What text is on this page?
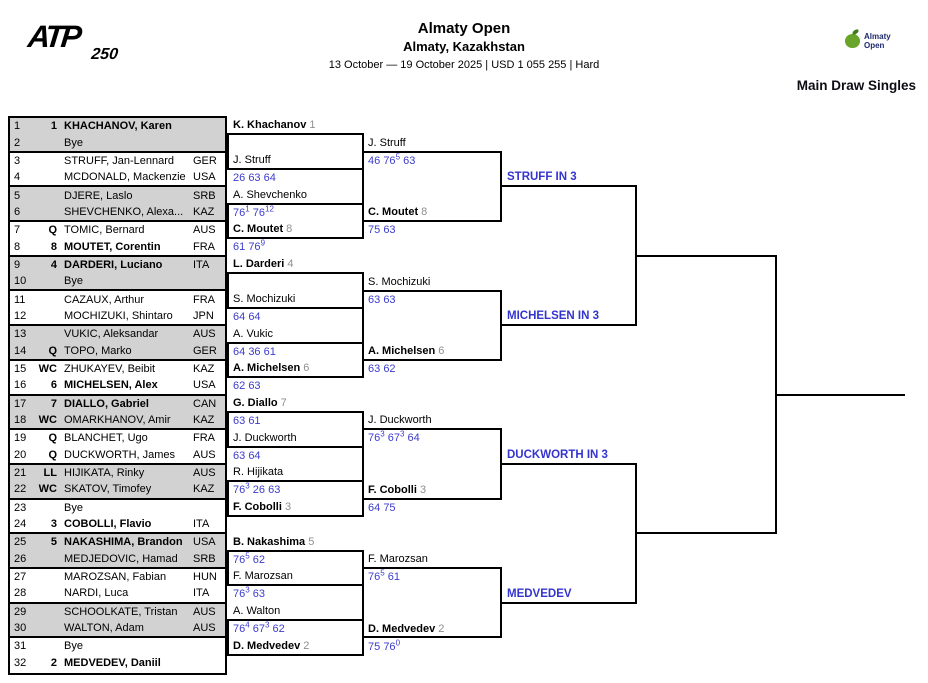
ATP
250
Almaty Open
Almaty, Kazakhstan
13 October — 19 October 2025 | USD 1 055 255 | Hard
Almaty
Open
Main Draw Singles
1	1 KHACHANOV, Karen
2	Bye
3	STRUFF, Jan-Lennard	GER
4	MCDONALD, Mackenzie USA
5	DJERE, Laslo	SRB
6	SHEVCHENKO, Alexa... KAZ
7	Q TOMIC, Bernard	AUS
8	8 MOUTET, Corentin	FRA
9	4 DARDERI, Luciano	ITA
10	Bye
11	CAZAUX, Arthur	FRA
12	MOCHIZUKI, Shintaro	JPN
13	VUKIC, Aleksandar	AUS
14	Q TOPO, Marko	GER
15	WC ZHUKAYEV, Beibit	KAZ
16	6 MICHELSEN, Alex	USA
17	7 DIALLO, Gabriel	CAN
18	WC OMARKHANOV, Amir	KAZ
19	Q BLANCHET, Ugo	FRA
20	Q DUCKWORTH, James	AUS
21	LL HIJIKATA, Rinky	AUS
22	WC SKATOV, Timofey	KAZ
23	Bye
24	3 COBOLLI, Flavio	ITA
25	5 NAKASHIMA, Brandon USA
26	MEDJEDOVIC, Hamad	SRB
27	MAROZSAN, Fabian	HUN
28	NARDI, Luca	ITA
29	SCHOOLKATE, Tristan	AUS
30	WALTON, Adam	AUS
31	Bye
32	2 MEDVEDEV, Daniil
K. Khachanov 1
J. Struff
26 63 64
A. Shevchenko
$76^1$ $76^{12}$
C. Moutet 8
61 $76^9$
L. Darderi 4
S. Mochizuki
64 64
A. Vukic
64 36 61
A. Michelsen 6
62 63
G. Diallo 7
63 61
J. Duckworth
63 64
R. Hijikata
$76^3$ 26 63
F. Cobolli 3
B. Nakashima 5
$76^5$ 62
F. Marozsan
$76^3$ 63
A. Walton
$76^4$ $67^3$ 62
D. Medvedev 2
J. Struff
46 $76^5$ 63
C. Moutet 8
75 63
S. Mochizuki
63 63
A. Michelsen 6
63 62
J. Duckworth
$76^3$ $67^3$ 64
F. Cobolli 3
64 75
F. Marozsan
$76^5$ 61
D. Medvedev 2
75 $76^0$
STRUFF IN 3
MICHELSEN IN 3
DUCKWORTH IN 3
MEDVEDEV
